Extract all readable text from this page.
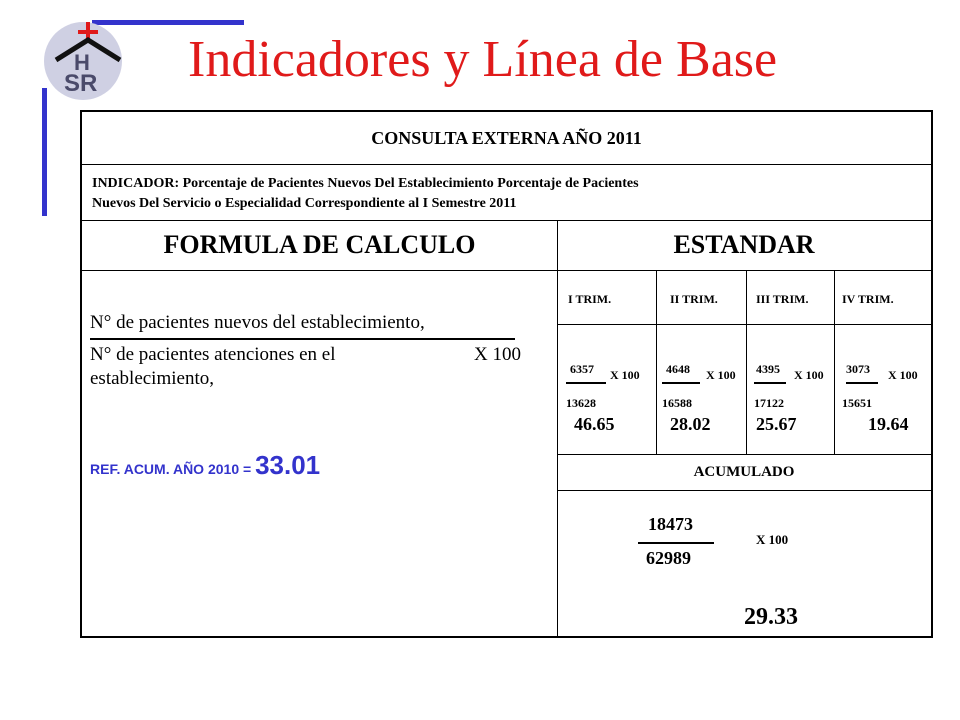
H
SR Indicadores y Línea de Base
CONSULTA EXTERNA AÑO 2011
INDICADOR: Porcentaje de Pacientes Nuevos Del Establecimiento Porcentaje de Pacientes
Nuevos Del Servicio o Especialidad Correspondiente al I Semestre 2011
FORMULA DE CALCULO	ESTANDAR
N° de pacientes nuevos del establecimiento,
N° de pacientes atenciones en el	X 100
establecimiento,
REF. ACUM. AÑO 2010 = 33.01
I TRIM.
6357 X 100
13628
46.65
II TRIM.
4648 X 100
16588
28.02
III TRIM.
4395 X 100
17122
25.67
IV TRIM.
3073 X 100
15651
19.64
ACUMULADO
18473
62989
X 100
29.33
